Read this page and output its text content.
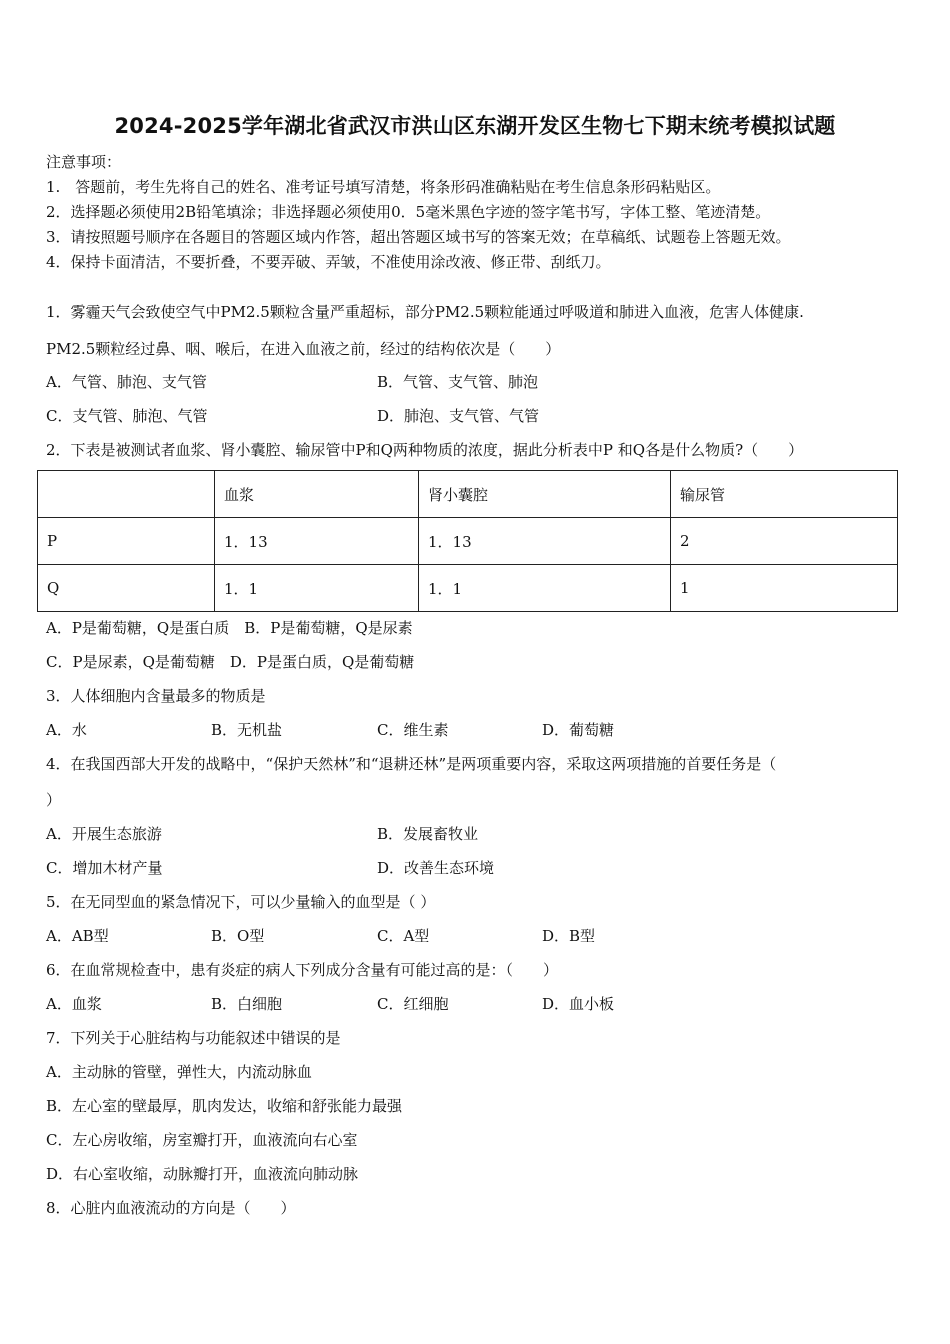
2024-2025学年湖北省武汉市洪山区东湖开发区生物七下期末统考模拟试题
注意事项：
1.　答题前，考生先将自己的姓名、准考证号填写清楚，将条形码准确粘贴在考生信息条形码粘贴区。
2．选择题必须使用2B铅笔填涂；非选择题必须使用0．5毫米黑色字迹的签字笔书写，字体工整、笔迹清楚。
3．请按照题号顺序在各题目的答题区域内作答，超出答题区域书写的答案无效；在草稿纸、试题卷上答题无效。
4．保持卡面清洁，不要折叠，不要弄破、弄皱，不准使用涂改液、修正带、刮纸刀。
1．雾霾天气会致使空气中PM2.5颗粒含量严重超标，部分PM2.5颗粒能通过呼吸道和肺进入血液，危害人体健康.
PM2.5颗粒经过鼻、咽、喉后，在进入血液之前，经过的结构依次是（　　）
A．气管、肺泡、支气管	B．气管、支气管、肺泡
C．支气管、肺泡、气管	D．肺泡、支气管、气管
2．下表是被测试者血浆、肾小囊腔、输尿管中P和Q两种物质的浓度，据此分析表中P 和Q各是什么物质?（　　）
	血浆	肾小囊腔	输尿管
P	1．13	1．13	2
Q	1．1	1．1	1
A．P是葡萄糖，Q是蛋白质　B．P是葡萄糖，Q是尿素
C．P是尿素，Q是葡萄糖　D．P是蛋白质，Q是葡萄糖
3．人体细胞内含量最多的物质是
A．水	B．无机盐	C．维生素	D．葡萄糖
4．在我国西部大开发的战略中，“保护天然林”和“退耕还林”是两项重要内容，采取这两项措施的首要任务是（
）
A．开展生态旅游	B．发展畜牧业
C．增加木材产量	D．改善生态环境
5．在无同型血的紧急情况下，可以少量输入的血型是（ ）
A．AB型	B．O型	C．A型	D．B型
6．在血常规检查中，患有炎症的病人下列成分含量有可能过高的是：（　　）
A．血浆	B．白细胞	C．红细胞	D．血小板
7．下列关于心脏结构与功能叙述中错误的是
A．主动脉的管壁，弹性大，内流动脉血
B．左心室的壁最厚，肌肉发达，收缩和舒张能力最强
C．左心房收缩，房室瓣打开，血液流向右心室
D．右心室收缩，动脉瓣打开，血液流向肺动脉
8．心脏内血液流动的方向是（　　）
